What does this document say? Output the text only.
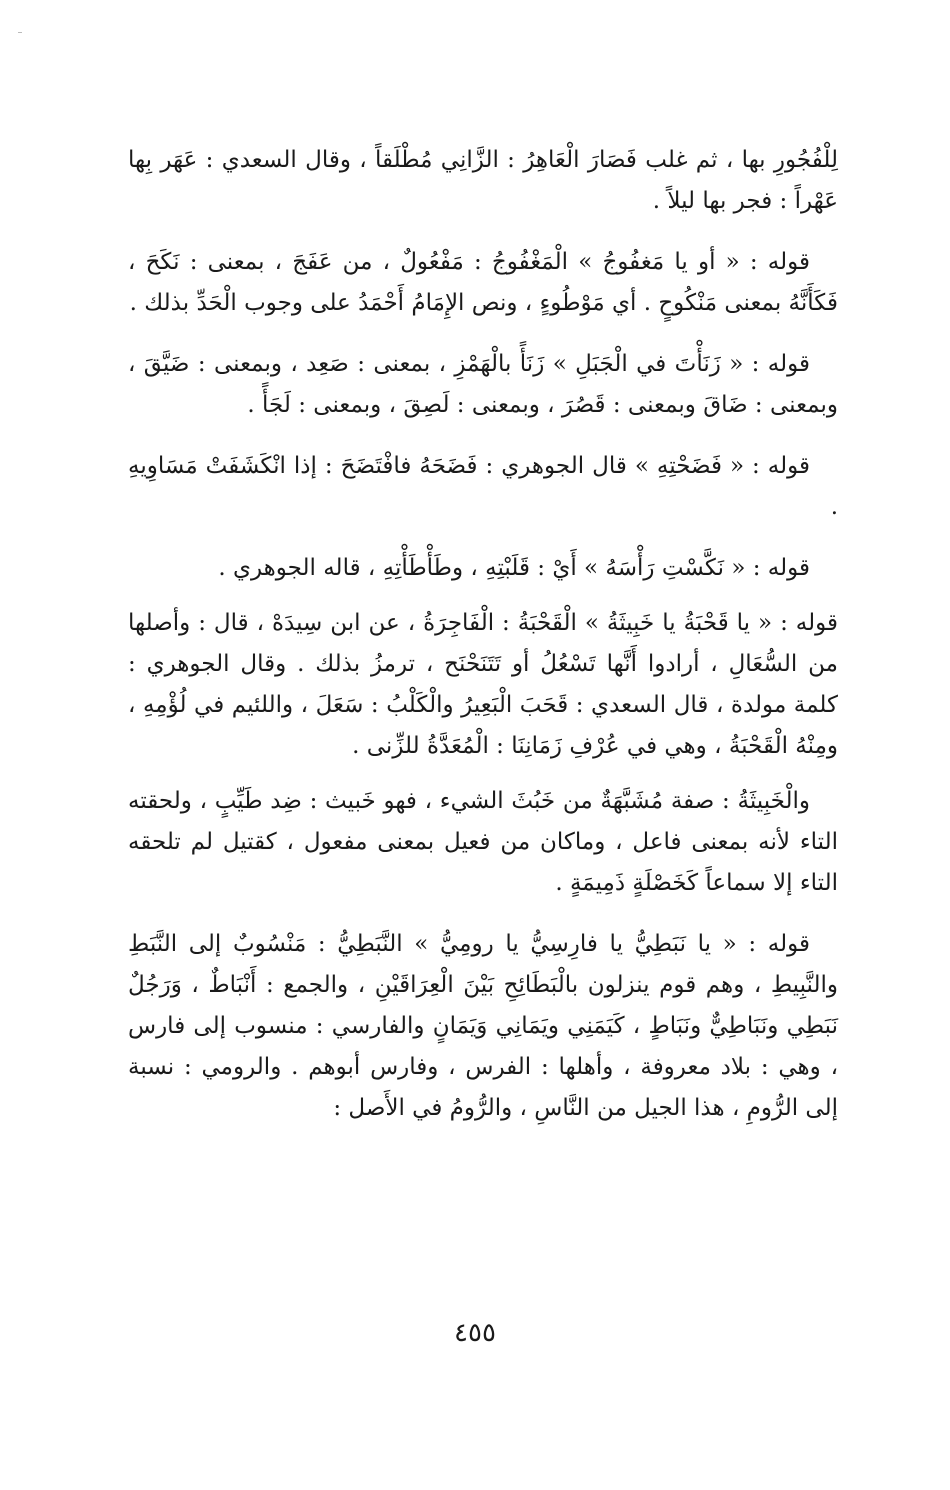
لِلْفُجُورِ بها ، ثم غلب فَصَارَ الْعَاهِرُ : الزَّانِي مُطْلَقاً ، وقال السعدي : عَهَر بِها عَهْراً : فجر بها ليلاً .

قوله : « أو يا مَغفُوجُ » الْمَغْفُوجُ : مَفْعُولٌ ، من عَفَجَ ، بمعنى : نَكَحَ ، فَكَأَنَّهُ بمعنى مَنْكُوحٍ . أي مَوْطُوءٍ ، ونص الإِمَامُ أَحْمَدُ على وجوب الْحَدِّ بذلك .

قوله : « زَنَأْتَ في الْجَبَلِ » زَنَأً بالْهَمْزِ ، بمعنى : صَعِد ، وبمعنى : ضَيَّقَ ، وبمعنى : ضَاقَ وبمعنى : قَصُرَ ، وبمعنى : لَصِقَ ، وبمعنى : لَجَأً .

قوله : « فَضَحْتِهِ » قال الجوهري : فَضَحَهُ فافْتَضَحَ : إذا انْكَشَفَتْ مَسَاوِيهِ .

قوله : « نَكَّسْتِ رَأْسَهُ » أَيْ : قَلَبْتِهِ ، وطَأْطَأْتِهِ ، قاله الجوهري .

قوله : « يا قَحْبَةُ يا خَبِيثَةُ » الْقَحْبَةُ : الْفَاجِرَةُ ، عن ابن سِيدَهْ ، قال : وأصلها من السُّعَالِ ، أرادوا أَنَّها تَسْعُلُ أو تَتَنَحْنَح ، ترمزُ بذلك . وقال الجوهري : كلمة مولدة ، قال السعدي : قَحَبَ الْبَعِيرُ والْكَلْبُ : سَعَلَ ، واللئيم في لُؤْمِهِ ، ومِنْهُ الْقَحْبَةُ ، وهي في عُرْفِ زَمَانِنَا : الْمُعَدَّةُ للزِّنى .

والْخَبِيثَةُ : صفة مُشَبَّهَةٌ من خَبُثَ الشيء ، فهو خَبيث : ضِد طَيِّبٍ ، ولحقته التاء لأنه بمعنى فاعل ، وماكان من فعيل بمعنى مفعول ، كقتيل لم تلحقه التاء إلا سماعاً كَخَصْلَةٍ ذَمِيمَةٍ .

قوله : « يا نَبَطِيُّ يا فارِسِيُّ يا رومِيُّ » النَّبَطِيُّ : مَنْسُوبٌ إلى النَّبَطِ والنَّبِيطِ ، وهم قوم ينزلون بالْبَطَائِحِ بَيْنَ الْعِرَاقَيْنِ ، والجمع : أَنْبَاطٌ ، وَرَجُلٌ نَبَطِي ونَبَاطِيٌّ ونَبَاطٍ ، كَيَمَنِي ويَمَانِي وَيَمَانٍ والفارسي : منسوب إلى فارس ، وهي : بلاد معروفة ، وأهلها : الفرس ، وفارس أبوهم . والرومي : نسبة إلى الرُّومِ ، هذا الجيل من النَّاسِ ، والرُّومُ في الأَصل :

٤٥٥
